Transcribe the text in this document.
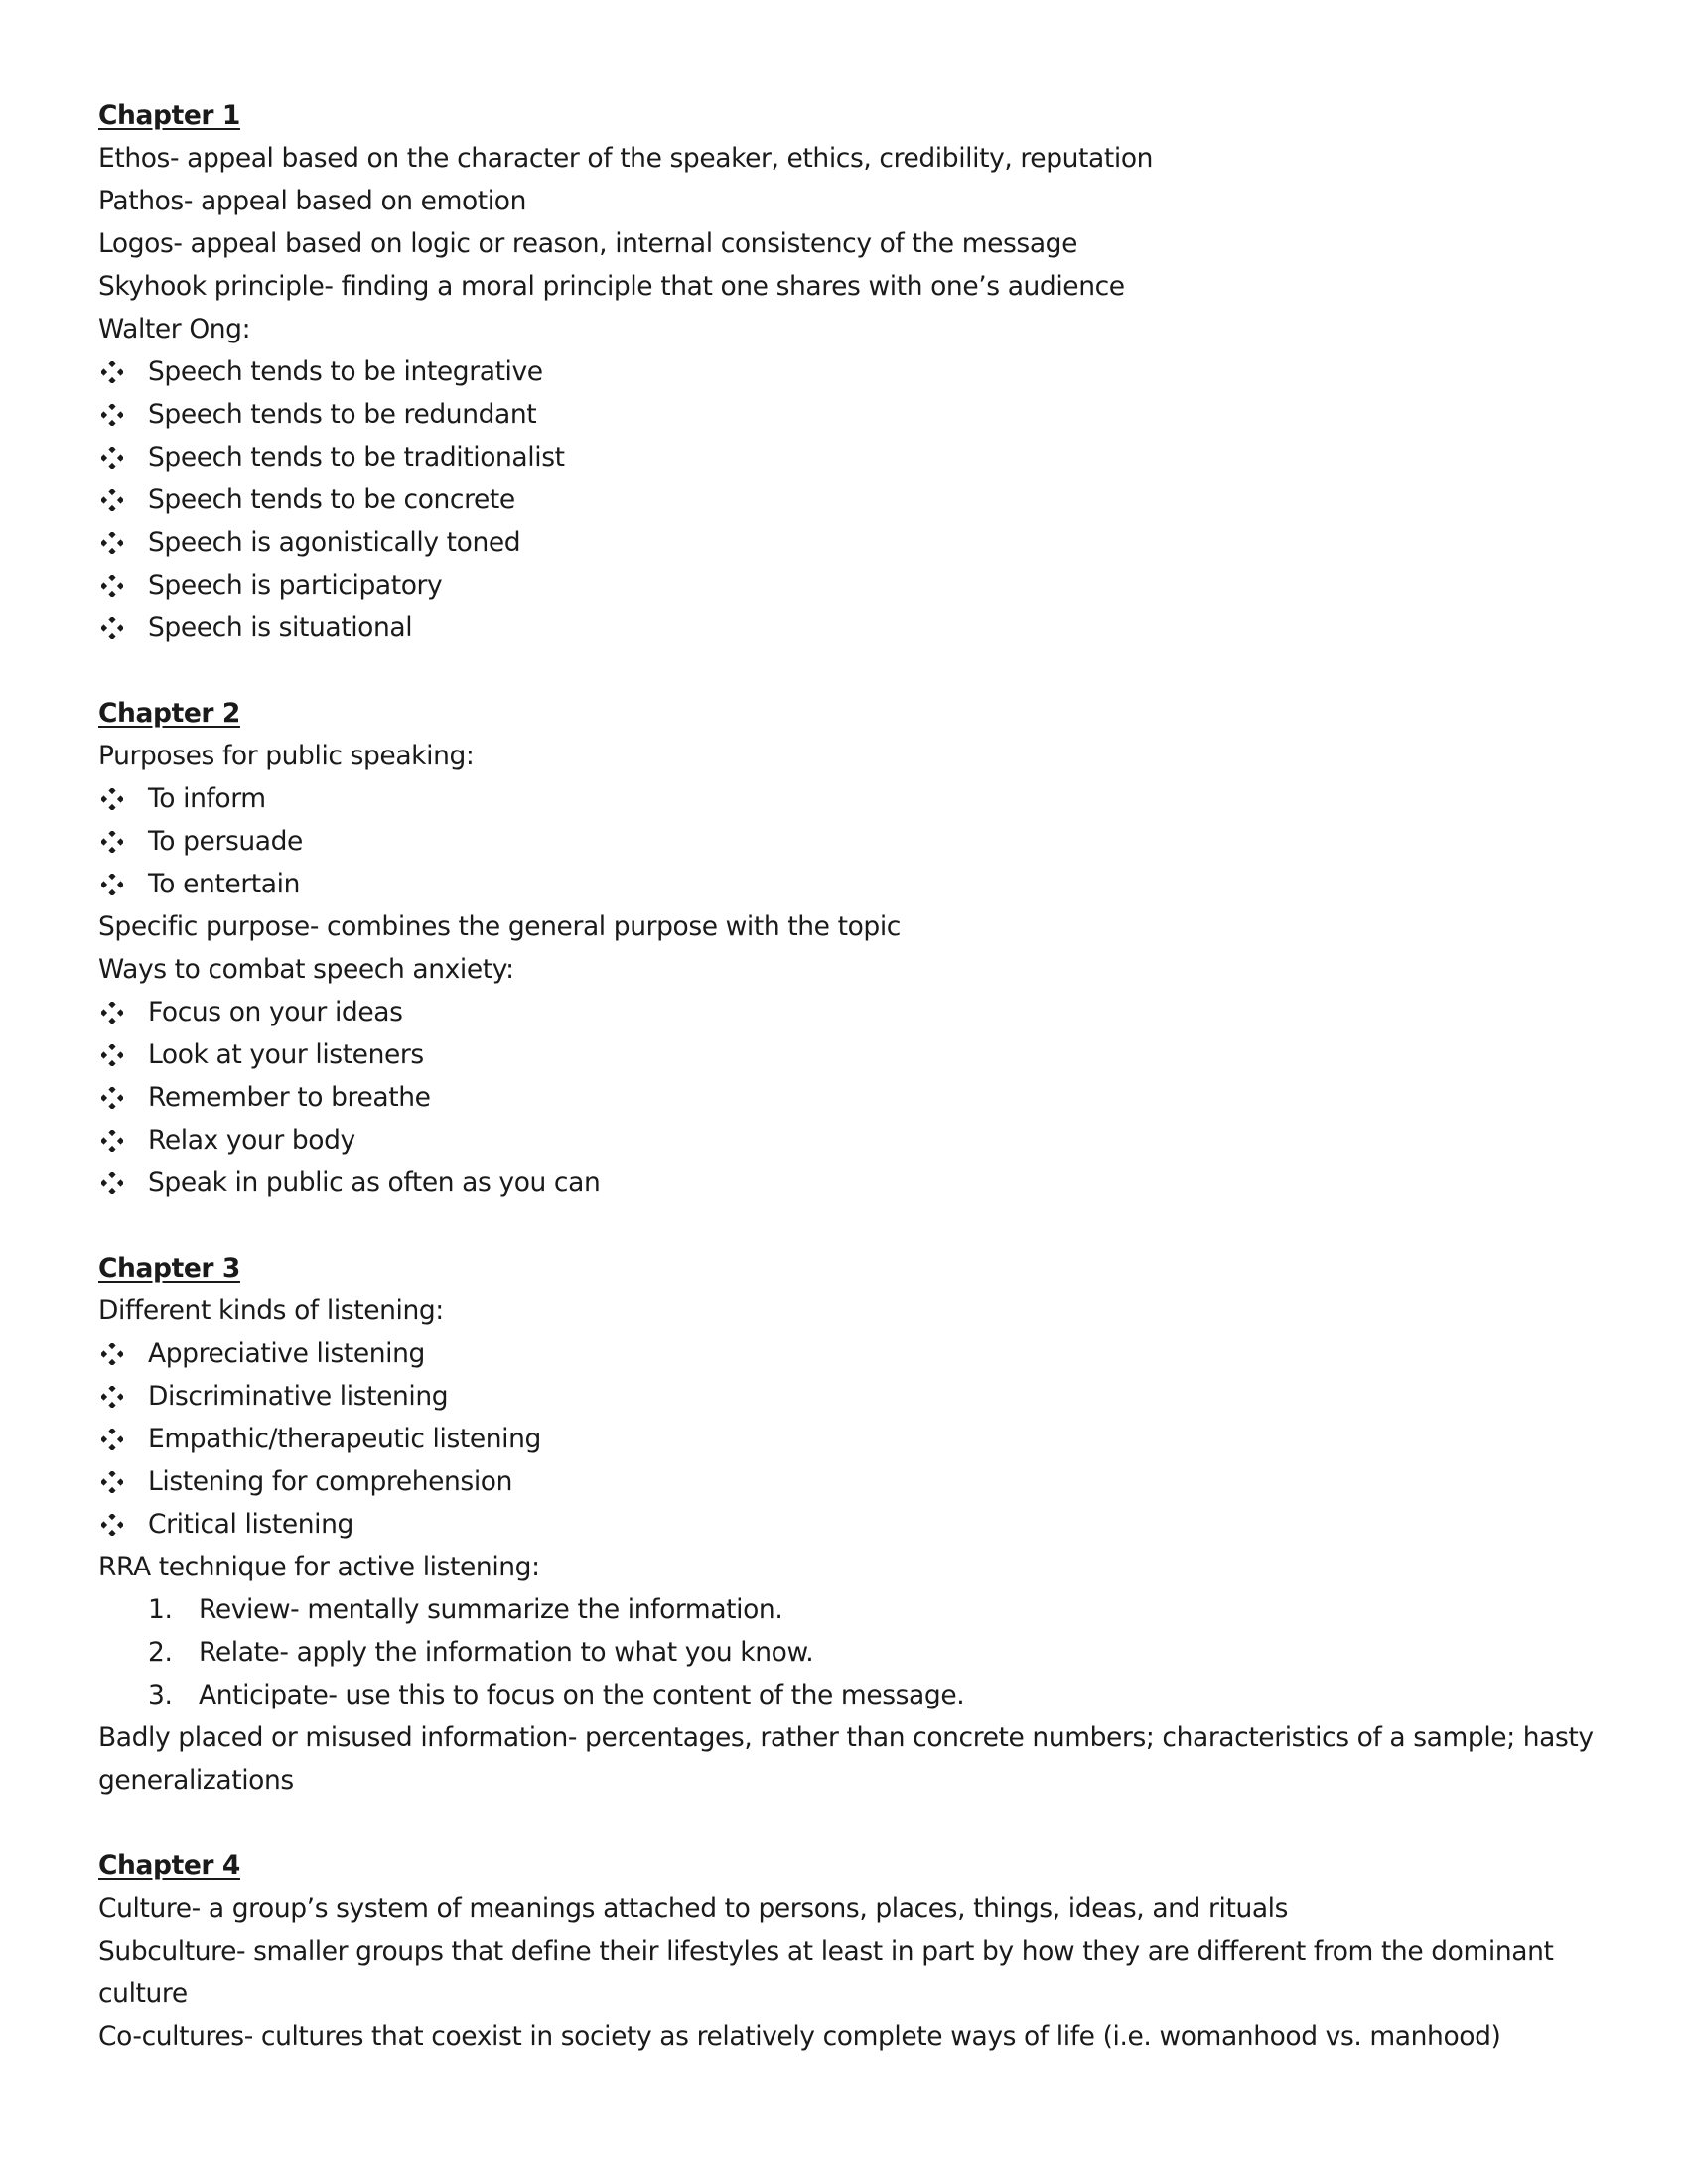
Chapter 1

Ethos- appeal based on the character of the speaker, ethics, credibility, reputation

Pathos- appeal based on emotion

Logos- appeal based on logic or reason, internal consistency of the message

Skyhook principle- finding a moral principle that one shares with one’s audience

Walter Ong:

Speech tends to be integrative
Speech tends to be redundant
Speech tends to be traditionalist
Speech tends to be concrete
Speech is agonistically toned
Speech is participatory
Speech is situational
Chapter 2

Purposes for public speaking:

To inform
To persuade
To entertain

Specific purpose- combines the general purpose with the topic

Ways to combat speech anxiety:

Focus on your ideas
Look at your listeners
Remember to breathe
Relax your body
Speak in public as often as you can
Chapter 3

Different kinds of listening:

Appreciative listening
Discriminative listening
Empathic/therapeutic listening
Listening for comprehension
Critical listening

RRA technique for active listening:

1. Review- mentally summarize the information.
2. Relate- apply the information to what you know.
3. Anticipate- use this to focus on the content of the message.

Badly placed or misused information- percentages, rather than concrete numbers; characteristics of a sample; hasty generalizations

Chapter 4

Culture- a group’s system of meanings attached to persons, places, things, ideas, and rituals

Subculture- smaller groups that define their lifestyles at least in part by how they are different from the dominant culture

Co-cultures- cultures that coexist in society as relatively complete ways of life (i.e. womanhood vs. manhood)
